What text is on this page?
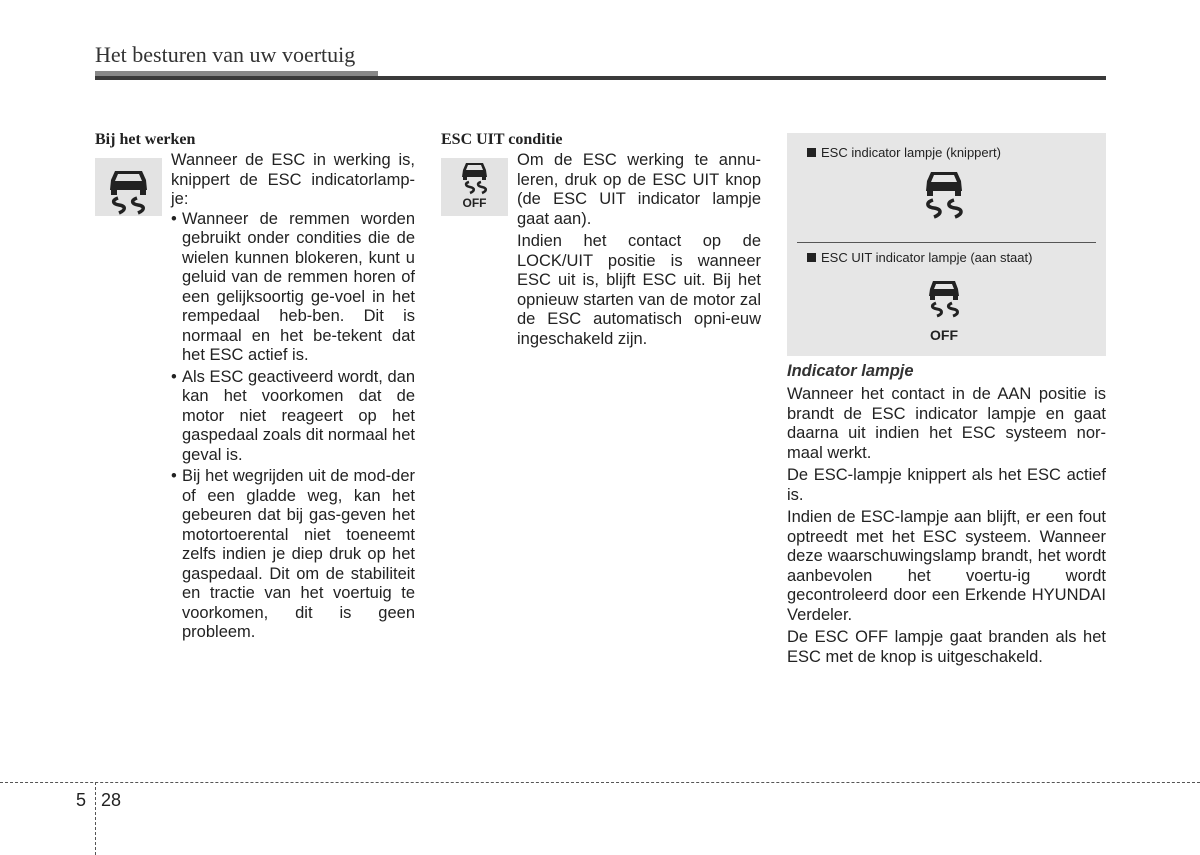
Het besturen van uw voertuig
Bij het werken
Wanneer de ESC in werking is, knippert de ESC indicatorlamp-je:
• Wanneer de remmen worden gebruikt onder condities die de wielen kunnen blokeren, kunt u geluid van de remmen horen of een gelijksoortig ge-voel in het rempedaal heb-ben. Dit is normaal en het be-tekent dat het ESC actief is.
• Als ESC geactiveerd wordt, dan kan het voorkomen dat de motor niet reageert op het gaspedaal zoals dit normaal het geval is.
• Bij het wegrijden uit de mod-der of een gladde weg, kan het gebeuren dat bij gas-geven het motortoerental niet toeneemt zelfs indien je diep druk op het gaspedaal. Dit om de stabiliteit en tractie van het voertuig te voorkomen, dit is geen probleem.
ESC UIT conditie
OFF
Om de ESC werking te annu-leren, druk op de ESC UIT knop (de ESC UIT indicator lampje gaat aan).
Indien het contact op de LOCK/UIT positie is wanneer ESC uit is, blijft ESC uit. Bij het opnieuw starten van de motor zal de ESC automatisch opni-euw ingeschakeld zijn.
ESC indicator lampje (knippert)
ESC UIT indicator lampje (aan staat)
OFF
Indicator lampje
Wanneer het contact in de AAN positie is brandt de ESC indicator lampje en gaat daarna uit indien het ESC systeem nor-maal werkt.
De ESC-lampje knippert als het ESC actief is.
Indien de ESC-lampje aan blijft, er een fout optreedt met het ESC systeem. Wanneer deze waarschuwingslamp brandt, het wordt aanbevolen het voertu-ig wordt gecontroleerd door een Erkende HYUNDAI Verdeler.
De ESC OFF lampje gaat branden als het ESC met de knop is uitgeschakeld.
5 28
